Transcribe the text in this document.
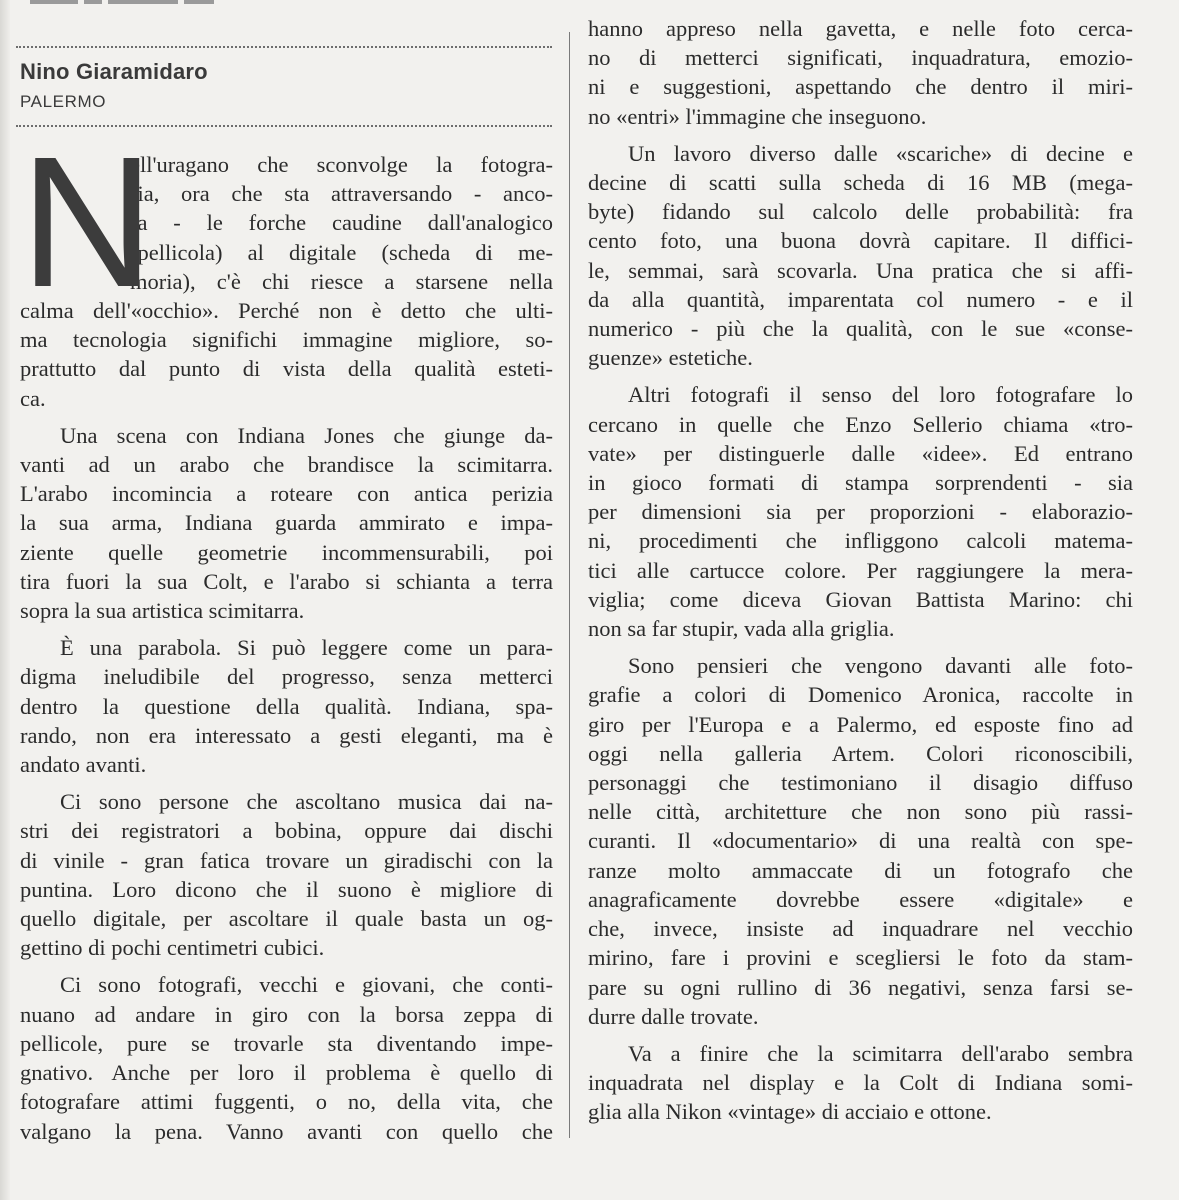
Nino Giaramidaro
PALERMO

N
ell'uragano che sconvolge la fotogra-
fia, ora che sta attraversando - anco-
ra - le forche caudine dall'analogico
(pellicola) al digitale (scheda di me-
moria), c'è chi riesce a starsene nella
calma dell'«occhio». Perché non è detto che ulti-
ma tecnologia significhi immagine migliore, so-
prattutto dal punto di vista della qualità esteti-
ca.

Una scena con Indiana Jones che giunge da-
vanti ad un arabo che brandisce la scimitarra.
L'arabo incomincia a roteare con antica perizia
la sua arma, Indiana guarda ammirato e impa-
ziente quelle geometrie incommensurabili, poi
tira fuori la sua Colt, e l'arabo si schianta a terra
sopra la sua artistica scimitarra.

È una parabola. Si può leggere come un para-
digma ineludibile del progresso, senza metterci
dentro la questione della qualità. Indiana, spa-
rando, non era interessato a gesti eleganti, ma è
andato avanti.

Ci sono persone che ascoltano musica dai na-
stri dei registratori a bobina, oppure dai dischi
di vinile - gran fatica trovare un giradischi con la
puntina. Loro dicono che il suono è migliore di
quello digitale, per ascoltare il quale basta un og-
gettino di pochi centimetri cubici.

Ci sono fotografi, vecchi e giovani, che conti-
nuano ad andare in giro con la borsa zeppa di
pellicole, pure se trovarle sta diventando impe-
gnativo. Anche per loro il problema è quello di
fotografare attimi fuggenti, o no, della vita, che
valgano la pena. Vanno avanti con quello che

hanno appreso nella gavetta, e nelle foto cerca-
no di metterci significati, inquadratura, emozio-
ni e suggestioni, aspettando che dentro il miri-
no «entri» l'immagine che inseguono.

Un lavoro diverso dalle «scariche» di decine e
decine di scatti sulla scheda di 16 MB (mega-
byte) fidando sul calcolo delle probabilità: fra
cento foto, una buona dovrà capitare. Il diffici-
le, semmai, sarà scovarla. Una pratica che si affi-
da alla quantità, imparentata col numero - e il
numerico - più che la qualità, con le sue «conse-
guenze» estetiche.

Altri fotografi il senso del loro fotografare lo
cercano in quelle che Enzo Sellerio chiama «tro-
vate» per distinguerle dalle «idee». Ed entrano
in gioco formati di stampa sorprendenti - sia
per dimensioni sia per proporzioni - elaborazio-
ni, procedimenti che infliggono calcoli matema-
tici alle cartucce colore. Per raggiungere la mera-
viglia; come diceva Giovan Battista Marino: chi
non sa far stupir, vada alla griglia.

Sono pensieri che vengono davanti alle foto-
grafie a colori di Domenico Aronica, raccolte in
giro per l'Europa e a Palermo, ed esposte fino ad
oggi nella galleria Artem. Colori riconoscibili,
personaggi che testimoniano il disagio diffuso
nelle città, architetture che non sono più rassi-
curanti. Il «documentario» di una realtà con spe-
ranze molto ammaccate di un fotografo che
anagraficamente dovrebbe essere «digitale» e
che, invece, insiste ad inquadrare nel vecchio
mirino, fare i provini e scegliersi le foto da stam-
pare su ogni rullino di 36 negativi, senza farsi se-
durre dalle trovate.

Va a finire che la scimitarra dell'arabo sembra
inquadrata nel display e la Colt di Indiana somi-
glia alla Nikon «vintage» di acciaio e ottone.
